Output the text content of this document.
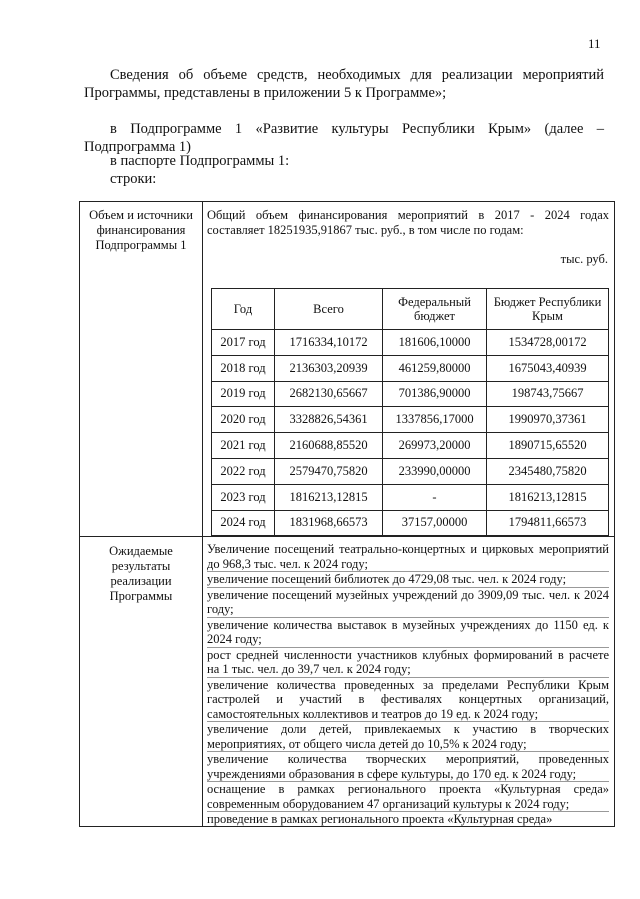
11
Сведения об объеме средств, необходимых для реализации мероприятий Программы, представлены в приложении 5 к Программе»;
в Подпрограмме 1 «Развитие культуры Республики Крым» (далее – Подпрограмма 1)
в паспорте Подпрограммы 1:
строки:
Объем и источники финансирования Подпрограммы 1
Общий объем финансирования мероприятий в 2017 - 2024 годах составляет 18251935,91867 тыс. руб., в том числе по годам:
тыс. руб.
Год	Всего	Федеральный бюджет	Бюджет Республики Крым
2017 год	1716334,10172	181606,10000	1534728,00172
2018 год	2136303,20939	461259,80000	1675043,40939
2019 год	2682130,65667	701386,90000	198743,75667
2020 год	3328826,54361	1337856,17000	1990970,37361
2021 год	2160688,85520	269973,20000	1890715,65520
2022 год	2579470,75820	233990,00000	2345480,75820
2023 год	1816213,12815	-	1816213,12815
2024 год	1831968,66573	37157,00000	1794811,66573
Ожидаемые результаты реализации Программы
Увеличение посещений театрально-концертных и цирковых мероприятий до 968,3 тыс. чел. к 2024 году;
увеличение посещений библиотек до 4729,08 тыс. чел. к 2024 году;
увеличение посещений музейных учреждений до 3909,09 тыс. чел. к 2024 году;
увеличение количества выставок в музейных учреждениях до 1150 ед. к 2024 году;
рост средней численности участников клубных формирований в расчете на 1 тыс. чел. до 39,7 чел. к 2024 году;
увеличение количества проведенных за пределами Республики Крым гастролей и участий в фестивалях концертных организаций, самостоятельных коллективов и театров до 19 ед. к 2024 году;
увеличение доли детей, привлекаемых к участию в творческих мероприятиях, от общего числа детей до 10,5% к 2024 году;
увеличение количества творческих мероприятий, проведенных учреждениями образования в сфере культуры, до 170 ед. к 2024 году;
оснащение в рамках регионального проекта «Культурная среда» современным оборудованием 47 организаций культуры к 2024 году;
проведение в рамках регионального проекта «Культурная среда»
